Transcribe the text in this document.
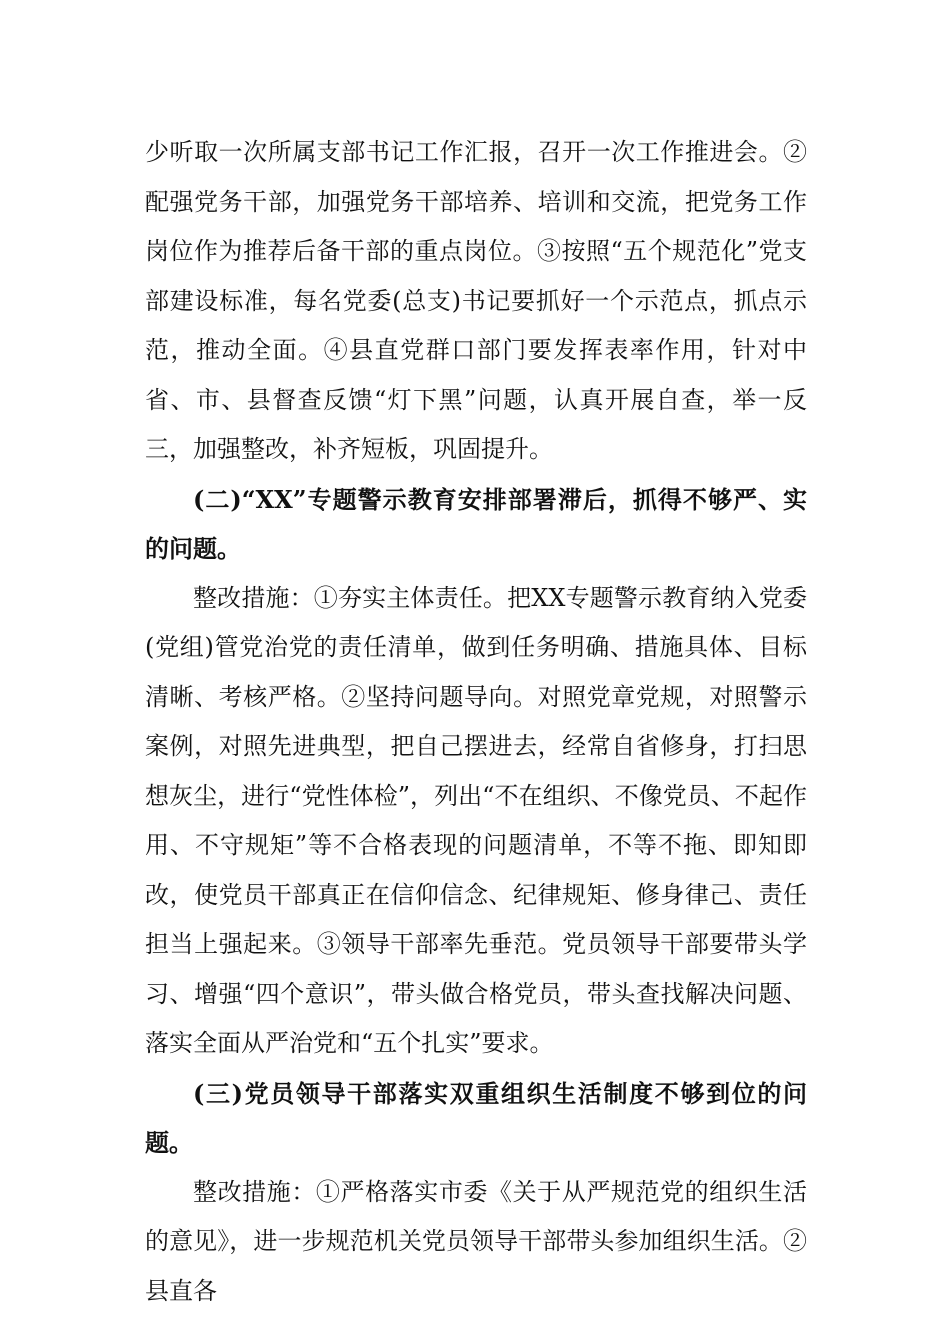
少听取一次所属支部书记工作汇报，召开一次工作推进会。②配强党务干部，加强党务干部培养、培训和交流，把党务工作岗位作为推荐后备干部的重点岗位。③按照“五个规范化”党支部建设标准，每名党委(总支)书记要抓好一个示范点，抓点示范，推动全面。④县直党群口部门要发挥表率作用，针对中省、市、县督查反馈“灯下黑”问题，认真开展自查，举一反三，加强整改，补齐短板，巩固提升。

(二)“XX”专题警示教育安排部署滞后，抓得不够严、实的问题。

整改措施：①夯实主体责任。把XX专题警示教育纳入党委(党组)管党治党的责任清单，做到任务明确、措施具体、目标清晰、考核严格。②坚持问题导向。对照党章党规，对照警示案例，对照先进典型，把自己摆进去，经常自省修身，打扫思想灰尘，进行“党性体检”，列出“不在组织、不像党员、不起作用、不守规矩”等不合格表现的问题清单，不等不拖、即知即改，使党员干部真正在信仰信念、纪律规矩、修身律己、责任担当上强起来。③领导干部率先垂范。党员领导干部要带头学习、增强“四个意识”，带头做合格党员，带头查找解决问题、落实全面从严治党和“五个扎实”要求。

(三)党员领导干部落实双重组织生活制度不够到位的问题。

整改措施：①严格落实市委《关于从严规范党的组织生活的意见》，进一步规范机关党员领导干部带头参加组织生活。②县直各
